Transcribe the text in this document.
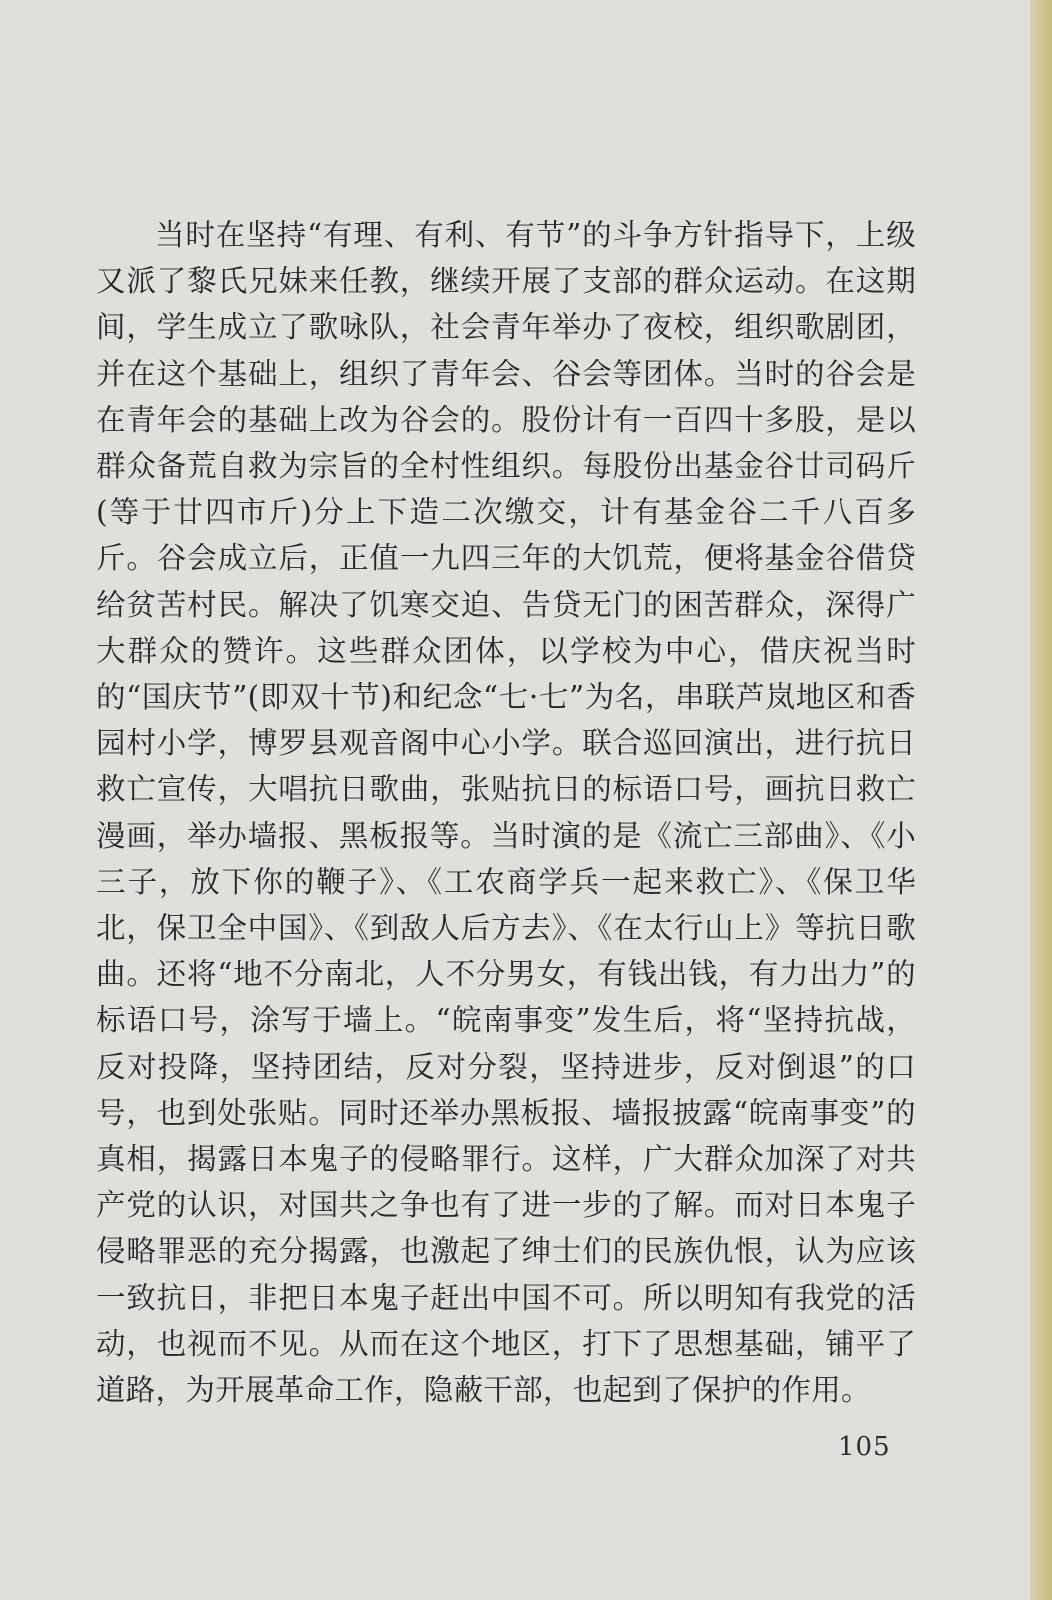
当时在坚持“有理、有利、有节”的斗争方针指导下，上级又派了黎氏兄妹来任教，继续开展了支部的群众运动。在这期间，学生成立了歌咏队，社会青年举办了夜校，组织歌剧团，并在这个基础上，组织了青年会、谷会等团体。当时的谷会是在青年会的基础上改为谷会的。股份计有一百四十多股，是以群众备荒自救为宗旨的全村性组织。每股份出基金谷廿司码斤(等于廿四市斤)分上下造二次缴交，计有基金谷二千八百多斤。谷会成立后，正值一九四三年的大饥荒，便将基金谷借贷给贫苦村民。解决了饥寒交迫、告贷无门的困苦群众，深得广大群众的赞许。这些群众团体，以学校为中心，借庆祝当时的“国庆节”(即双十节)和纪念“七·七”为名，串联芦岚地区和香园村小学，博罗县观音阁中心小学。联合巡回演出，进行抗日救亡宣传，大唱抗日歌曲，张贴抗日的标语口号，画抗日救亡漫画，举办墙报、黑板报等。当时演的是《流亡三部曲》、《小三子，放下你的鞭子》、《工农商学兵一起来救亡》、《保卫华北，保卫全中国》、《到敌人后方去》、《在太行山上》等抗日歌曲。还将“地不分南北，人不分男女，有钱出钱，有力出力”的标语口号，涂写于墙上。“皖南事变”发生后，将“坚持抗战，反对投降，坚持团结，反对分裂，坚持进步，反对倒退”的口号，也到处张贴。同时还举办黑板报、墙报披露“皖南事变”的真相，揭露日本鬼子的侵略罪行。这样，广大群众加深了对共产党的认识，对国共之争也有了进一步的了解。而对日本鬼子侵略罪恶的充分揭露，也激起了绅士们的民族仇恨，认为应该一致抗日，非把日本鬼子赶出中国不可。所以明知有我党的活动，也视而不见。从而在这个地区，打下了思想基础，铺平了道路，为开展革命工作，隐蔽干部，也起到了保护的作用。

105
